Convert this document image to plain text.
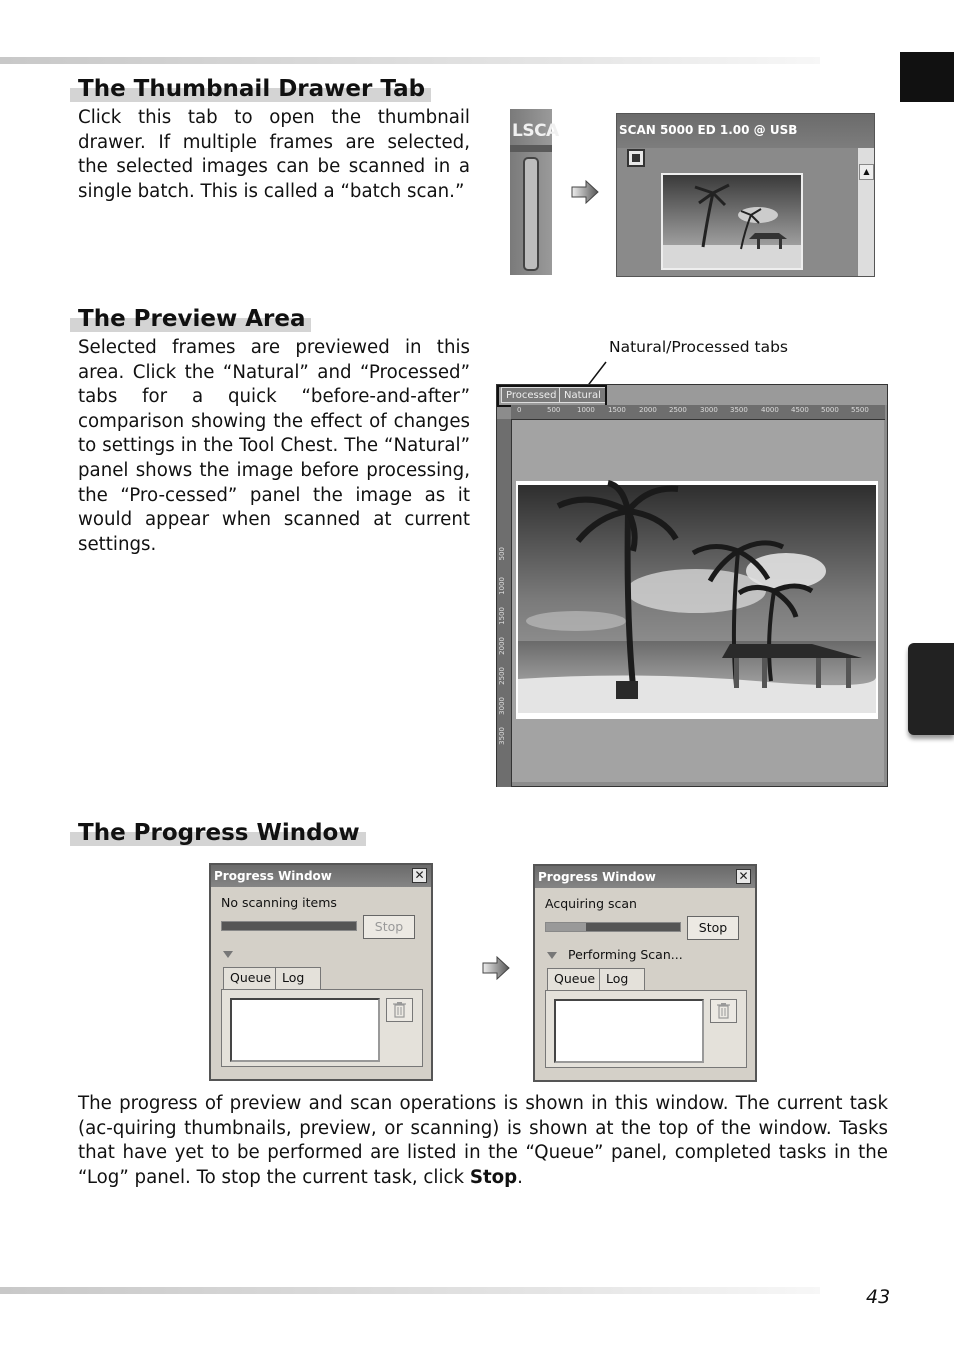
The Thumbnail Drawer Tab

Click this tab to open the thumbnail drawer. If multiple frames are selected, the selected images can be scanned in a single batch. This is called a “batch scan.”

LSCA	SCAN 5000 ED 1.00 @ USB
▲
The Preview Area

Selected frames are previewed in this area. Click the “Natural” and “Processed” tabs for a quick “before-and-after” comparison showing the effect of changes to settings in the Tool Chest. The “Natural” panel shows the image before processing, the “Pro-cessed” panel the image as it would appear when scanned at current settings.

Natural/Processed tabs
Processed Natural
0	500 1000 1500 2000 2500 3000 3500 4000 4500 5000 5500
500
1000
1500
2000
2500
3000
3500
The Progress Window
Progress Window	✕
No scanning items
Stop
Queue Log
Progress Window	✕
Acquiring scan
Stop
Performing Scan...
Queue Log

The progress of preview and scan operations is shown in this window. The current task (ac-quiring thumbnails, preview, or scanning) is shown at the top of the window. Tasks that have yet to be performed are listed in the “Queue” panel, completed tasks in the “Log” panel. To stop the current task, click Stop.

43
